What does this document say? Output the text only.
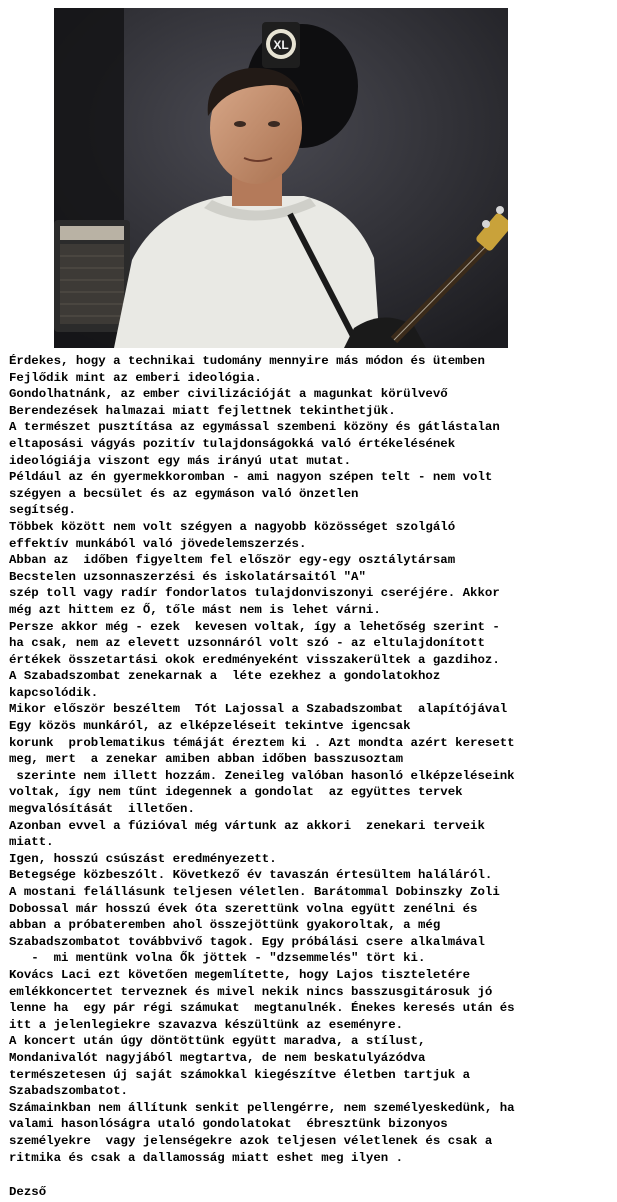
XL
Érdekes, hogy a technikai tudomány mennyire más módon és ütemben
Fejlődik mint az emberi ideológia.
Gondolhatnánk, az ember civilizációját a magunkat körülvevő
Berendezések halmazai miatt fejlettnek tekinthetjük.
A természet pusztítása az egymással szembeni közöny és gátlástalan
eltaposási vágyás pozitív tulajdonságokká való értékelésének
ideológiája viszont egy más irányú utat mutat.
Például az én gyermekkoromban - ami nagyon szépen telt - nem volt
szégyen a becsület és az egymáson való önzetlen
segítség.
Többek között nem volt szégyen a nagyobb közösséget szolgáló
effektív munkából való jövedelemszerzés.
Abban az  időben figyeltem fel először egy-egy osztálytársam
Becstelen uzsonnaszerzési és iskolatársaitól "A"
szép toll vagy radír fondorlatos tulajdonviszonyi cseréjére. Akkor
még azt hittem ez Ő, tőle mást nem is lehet várni.
Persze akkor még - ezek  kevesen voltak, így a lehetőség szerint -
ha csak, nem az elevett uzsonnáról volt szó - az eltulajdonított
értékek összetartási okok eredményeként visszakerültek a gazdihoz.
A Szabadszombat zenekarnak a  léte ezekhez a gondolatokhoz
kapcsolódik.
Mikor először beszéltem  Tót Lajossal a Szabadszombat  alapítójával
Egy közös munkáról, az elképzeléseit tekintve igencsak
korunk  problematikus témáját éreztem ki . Azt mondta azért keresett
meg, mert  a zenekar amiben abban időben basszusoztam
szerinte nem illett hozzám. Zeneileg valóban hasonló elképzeléseink
voltak, így nem tűnt idegennek a gondolat  az együttes tervek
megvalósítását  illetően.
Azonban evvel a fúzióval még vártunk az akkori  zenekari terveik
miatt.
Igen, hosszú csúszást eredményezett.
Betegsége közbeszólt. Következő év tavaszán értesültem haláláról.
A mostani felállásunk teljesen véletlen. Barátommal Dobinszky Zoli
Dobossal már hosszú évek óta szerettünk volna együtt zenélni és
abban a próbateremben ahol összejöttünk gyakoroltak, a még
Szabadszombatot továbbvivő tagok. Egy próbálási csere alkalmával
-  mi mentünk volna Ők jöttek - "dzsemmelés" tört ki.
Kovács Laci ezt követően megemlítette, hogy Lajos tiszteletére
emlékkoncertet terveznek és mivel nekik nincs basszusgitárosuk jó
lenne ha  egy pár régi számukat  megtanulnék. Énekes keresés után és
itt a jelenlegiekre szavazva készültünk az eseményre.
A koncert után úgy döntöttünk együtt maradva, a stílust,
Mondanivalót nagyjából megtartva, de nem beskatulyázódva
természetesen új saját számokkal kiegészítve életben tartjuk a
Szabadszombatot.
Számainkban nem állítunk senkit pellengérre, nem személyeskedünk, ha
valami hasonlóságra utaló gondolatokat  ébresztünk bizonyos
személyekre  vagy jelenségekre azok teljesen véletlenek és csak a
ritmika és csak a dallamosság miatt eshet meg ilyen .
Dezső
